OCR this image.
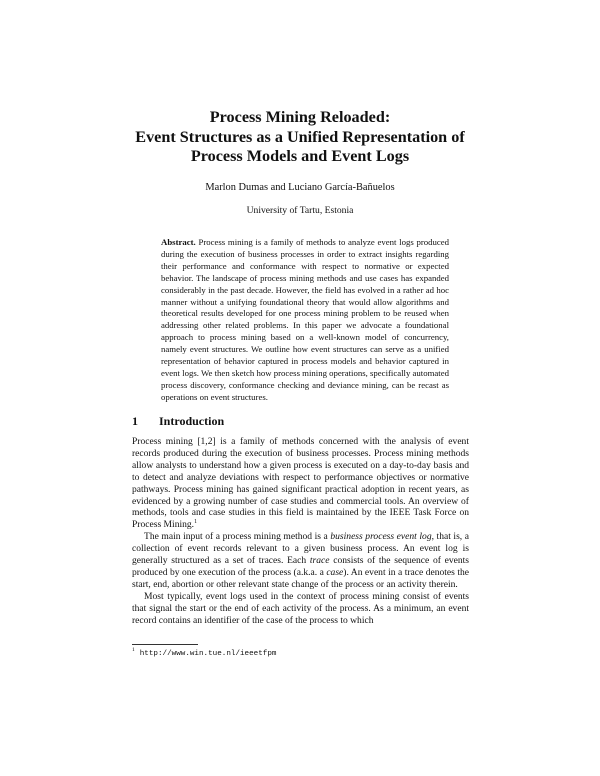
Process Mining Reloaded:
Event Structures as a Unified Representation of
Process Models and Event Logs
Marlon Dumas and Luciano García-Bañuelos
University of Tartu, Estonia
Abstract. Process mining is a family of methods to analyze event logs produced during the execution of business processes in order to extract insights regarding their performance and conformance with respect to normative or expected behavior. The landscape of process mining methods and use cases has expanded considerably in the past decade. However, the field has evolved in a rather ad hoc manner without a unifying foundational theory that would allow algorithms and theoretical results developed for one process mining problem to be reused when addressing other related problems. In this paper we advocate a foundational approach to process mining based on a well-known model of concurrency, namely event structures. We outline how event structures can serve as a unified representation of behavior captured in process models and behavior captured in event logs. We then sketch how process mining operations, specifically automated process discovery, conformance checking and deviance mining, can be recast as operations on event structures.
1 Introduction

Process mining [1,2] is a family of methods concerned with the analysis of event records produced during the execution of business processes. Process mining methods allow analysts to understand how a given process is executed on a day-to-day basis and to detect and analyze deviations with respect to performance objectives or normative pathways. Process mining has gained significant practical adoption in recent years, as evidenced by a growing number of case studies and commercial tools. An overview of methods, tools and case studies in this field is maintained by the IEEE Task Force on Process Mining.$^1$

The main input of a process mining method is a business process event log, that is, a collection of event records relevant to a given business process. An event log is generally structured as a set of traces. Each trace consists of the sequence of events produced by one execution of the process (a.k.a. a case). An event in a trace denotes the start, end, abortion or other relevant state change of the process or an activity therein.

Most typically, event logs used in the context of process mining consist of events that signal the start or the end of each activity of the process. As a minimum, an event record contains an identifier of the case of the process to which

$^1$ http://www.win.tue.nl/ieeetfpm
